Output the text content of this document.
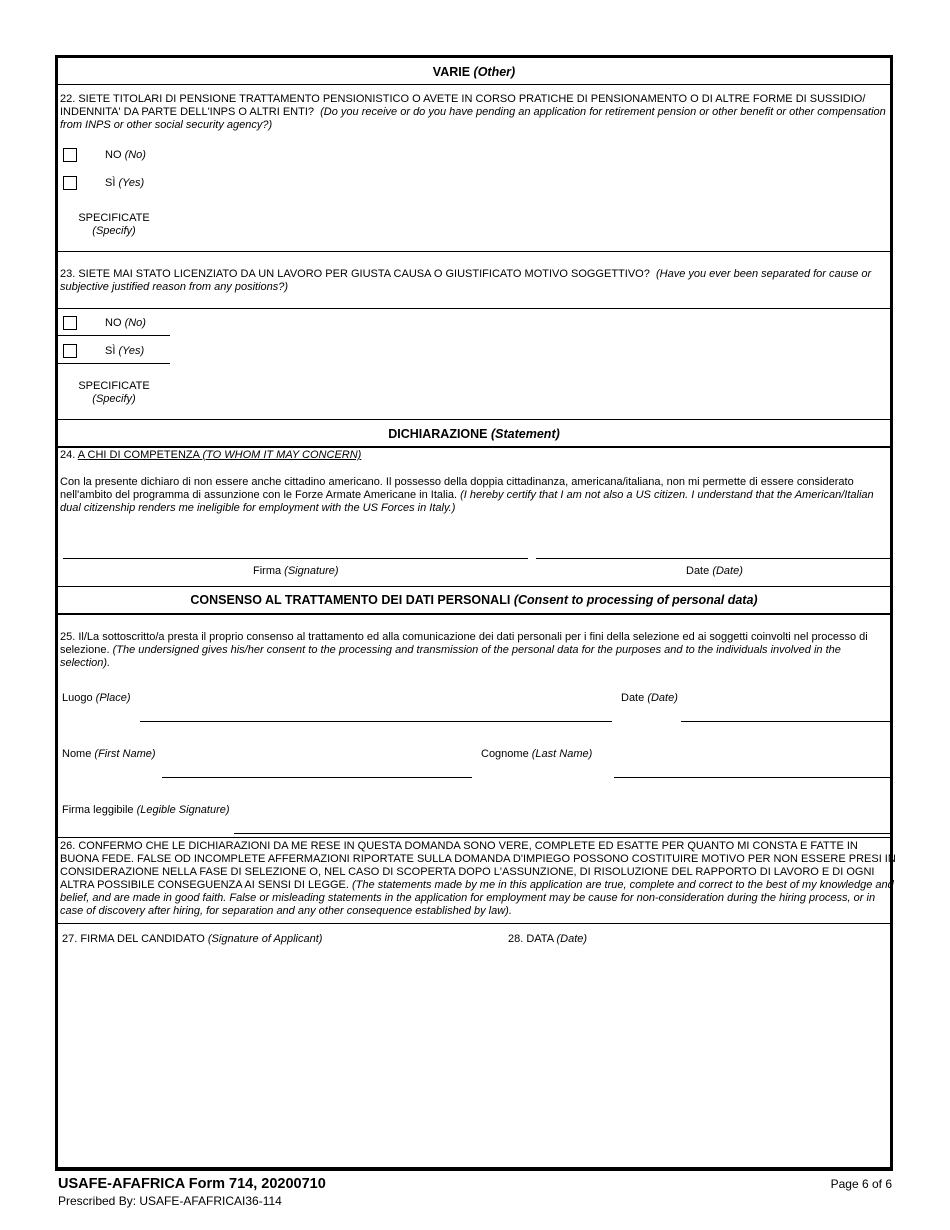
VARIE (Other)
22. SIETE TITOLARI DI PENSIONE TRATTAMENTO PENSIONISTICO O AVETE IN CORSO PRATICHE DI PENSIONAMENTO O DI ALTRE FORME DI SUSSIDIO/ INDENNITA' DA PARTE DELL'INPS O ALTRI ENTI? (Do you receive or do you have pending an application for retirement pension or other benefit or other compensation from INPS or other social security agency?)
NO (No)
SÌ (Yes)
SPECIFICATE
(Specify)
23. SIETE MAI STATO LICENZIATO DA UN LAVORO PER GIUSTA CAUSA O GIUSTIFICATO MOTIVO SOGGETTIVO? (Have you ever been separated for cause or subjective justified reason from any positions?)
NO (No)
SÌ (Yes)
SPECIFICATE
(Specify)
DICHIARAZIONE (Statement)
24. A CHI DI COMPETENZA (TO WHOM IT MAY CONCERN)
Con la presente dichiaro di non essere anche cittadino americano. Il possesso della doppia cittadinanza, americana/italiana, non mi permette di essere considerato nell'ambito del programma di assunzione con le Forze Armate Americane in Italia. (I hereby certify that I am not also a US citizen. I understand that the American/Italian dual citizenship renders me ineligible for employment with the US Forces in Italy.)
Firma (Signature)	Date (Date)
CONSENSO AL TRATTAMENTO DEI DATI PERSONALI (Consent to processing of personal data)
25. Il/La sottoscritto/a presta il proprio consenso al trattamento ed alla comunicazione dei dati personali per i fini della selezione ed ai soggetti coinvolti nel processo di selezione. (The undersigned gives his/her consent to the processing and transmission of the personal data for the purposes and to the individuals involved in the selection).
Luogo (Place)	Date (Date)
Nome (First Name)	Cognome (Last Name)
Firma leggibile (Legible Signature)
26. CONFERMO CHE LE DICHIARAZIONI DA ME RESE IN QUESTA DOMANDA SONO VERE, COMPLETE ED ESATTE PER QUANTO MI CONSTA E FATTE IN BUONA FEDE. FALSE OD INCOMPLETE AFFERMAZIONI RIPORTATE SULLA DOMANDA D'IMPIEGO POSSONO COSTITUIRE MOTIVO PER NON ESSERE PRESI IN CONSIDERAZIONE NELLA FASE DI SELEZIONE O, NEL CASO DI SCOPERTA DOPO L'ASSUNZIONE, DI RISOLUZIONE DEL RAPPORTO DI LAVORO E DI OGNI ALTRA POSSIBILE CONSEGUENZA AI SENSI DI LEGGE. (The statements made by me in this application are true, complete and correct to the best of my knowledge and belief, and are made in good faith. False or misleading statements in the application for employment may be cause for non-consideration during the hiring process, or in case of discovery after hiring, for separation and any other consequence established by law).
27. FIRMA DEL CANDIDATO (Signature of Applicant)	28. DATA (Date)
USAFE-AFAFRICA Form 714, 20200710
Prescribed By: USAFE-AFAFRICAI36-114
Page 6 of 6
